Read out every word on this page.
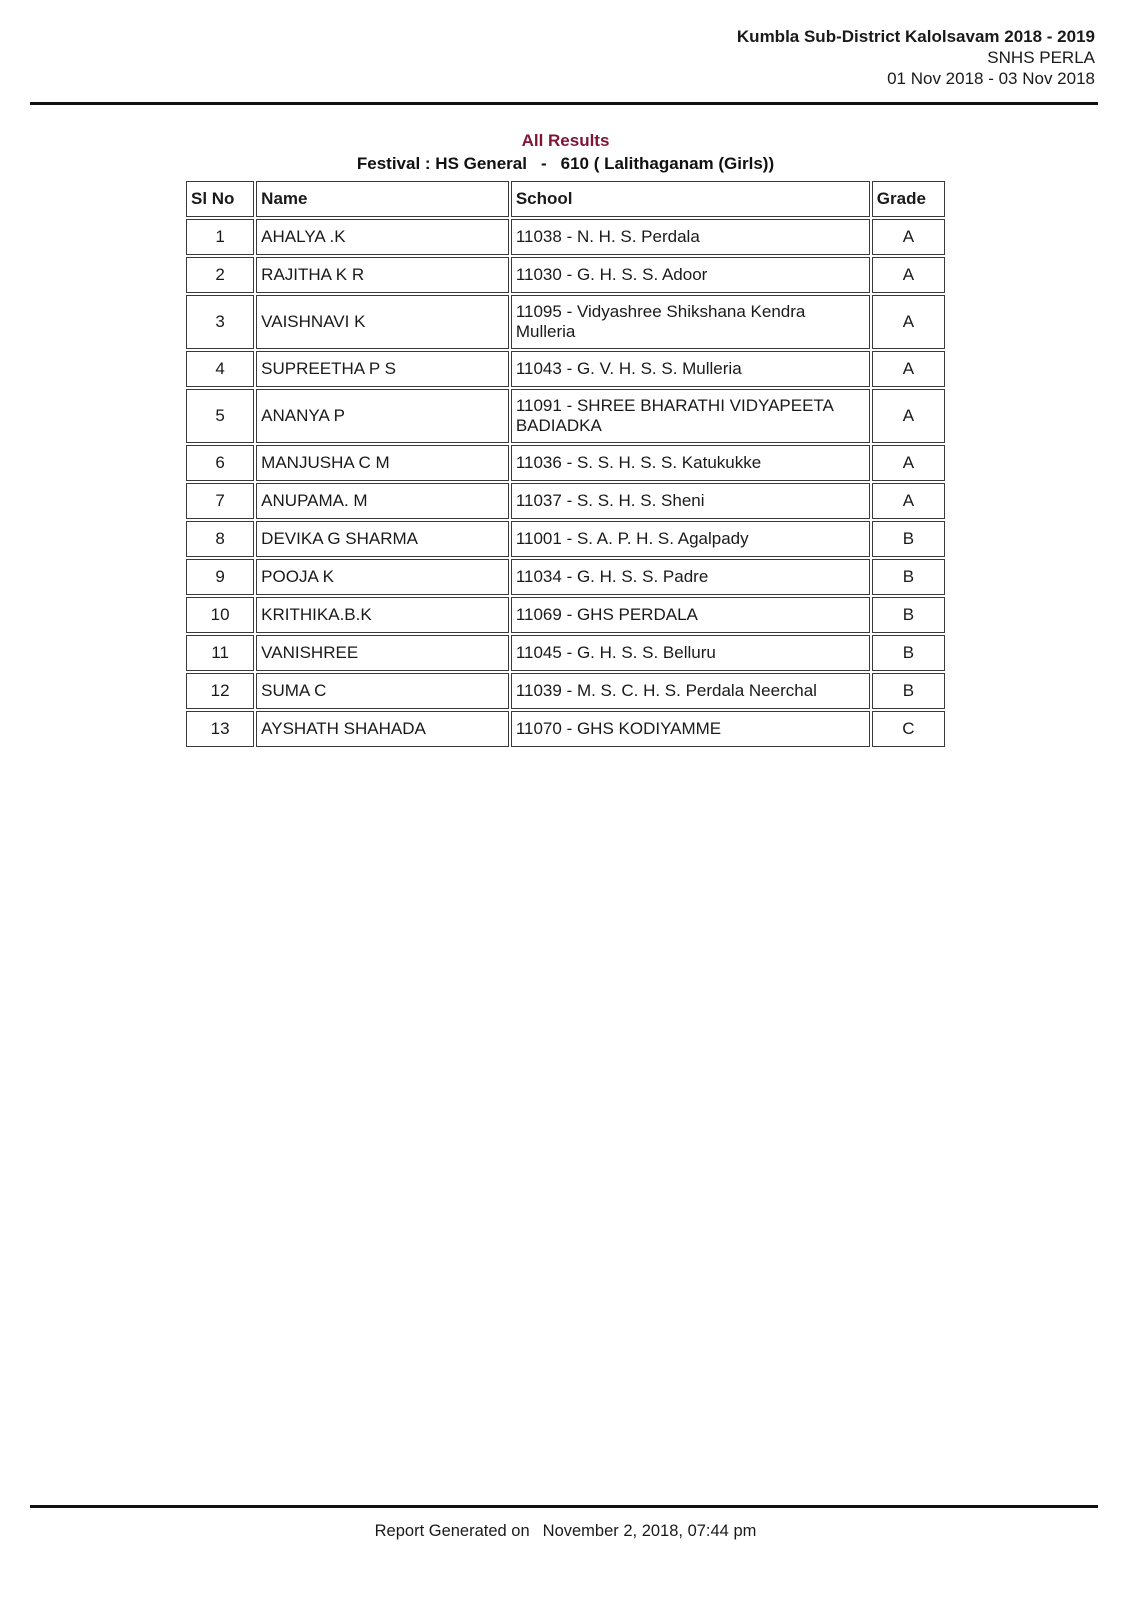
Kumbla Sub-District Kalolsavam 2018 - 2019
SNHS PERLA
01 Nov 2018 - 03 Nov 2018
All Results
Festival : HS General - 610 ( Lalithaganam (Girls))
Sl No	Name	School	Grade
1	AHALYA .K	11038 - N. H. S. Perdala	A
2	RAJITHA K R	11030 - G. H. S. S. Adoor	A
3	VAISHNAVI K	11095 - Vidyashree Shikshana Kendra Mulleria	A
4	SUPREETHA P S	11043 - G. V. H. S. S. Mulleria	A
5	ANANYA P	11091 - SHREE BHARATHI VIDYAPEETA BADIADKA	A
6	MANJUSHA C M	11036 - S. S. H. S. S. Katukukke	A
7	ANUPAMA. M	11037 - S. S. H. S. Sheni	A
8	DEVIKA G SHARMA	11001 - S. A. P. H. S. Agalpady	B
9	POOJA K	11034 - G. H. S. S. Padre	B
10	KRITHIKA.B.K	11069 - GHS PERDALA	B
11	VANISHREE	11045 - G. H. S. S. Belluru	B
12	SUMA C	11039 - M. S. C. H. S. Perdala Neerchal	B
13	AYSHATH SHAHADA	11070 - GHS KODIYAMME	C
Report Generated on November 2, 2018, 07:44 pm
